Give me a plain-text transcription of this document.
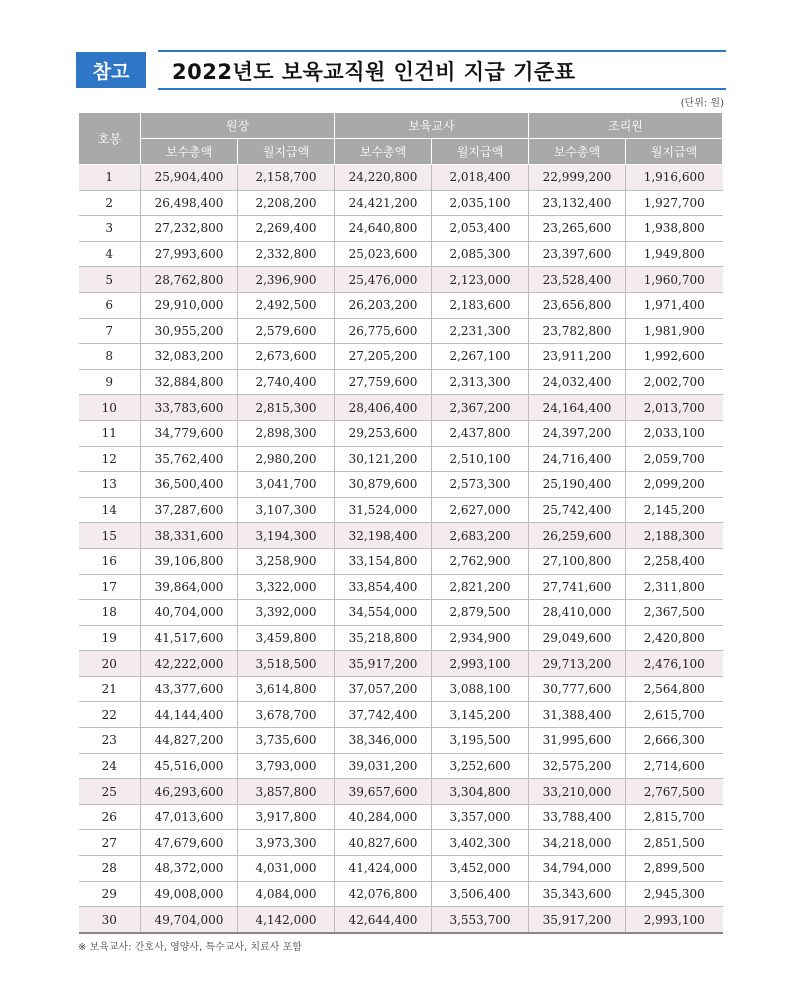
참고	2022년도 보육교직원 인건비 지급 기준표
(단위: 원)
호봉	원장		보육교사		조리원	
	보수총액	월지급액	보수총액	월지급액	보수총액	월지급액
1	25,904,400	2,158,700	24,220,800	2,018,400	22,999,200	1,916,600
2	26,498,400	2,208,200	24,421,200	2,035,100	23,132,400	1,927,700
3	27,232,800	2,269,400	24,640,800	2,053,400	23,265,600	1,938,800
4	27,993,600	2,332,800	25,023,600	2,085,300	23,397,600	1,949,800
5	28,762,800	2,396,900	25,476,000	2,123,000	23,528,400	1,960,700
6	29,910,000	2,492,500	26,203,200	2,183,600	23,656,800	1,971,400
7	30,955,200	2,579,600	26,775,600	2,231,300	23,782,800	1,981,900
8	32,083,200	2,673,600	27,205,200	2,267,100	23,911,200	1,992,600
9	32,884,800	2,740,400	27,759,600	2,313,300	24,032,400	2,002,700
10	33,783,600	2,815,300	28,406,400	2,367,200	24,164,400	2,013,700
11	34,779,600	2,898,300	29,253,600	2,437,800	24,397,200	2,033,100
12	35,762,400	2,980,200	30,121,200	2,510,100	24,716,400	2,059,700
13	36,500,400	3,041,700	30,879,600	2,573,300	25,190,400	2,099,200
14	37,287,600	3,107,300	31,524,000	2,627,000	25,742,400	2,145,200
15	38,331,600	3,194,300	32,198,400	2,683,200	26,259,600	2,188,300
16	39,106,800	3,258,900	33,154,800	2,762,900	27,100,800	2,258,400
17	39,864,000	3,322,000	33,854,400	2,821,200	27,741,600	2,311,800
18	40,704,000	3,392,000	34,554,000	2,879,500	28,410,000	2,367,500
19	41,517,600	3,459,800	35,218,800	2,934,900	29,049,600	2,420,800
20	42,222,000	3,518,500	35,917,200	2,993,100	29,713,200	2,476,100
21	43,377,600	3,614,800	37,057,200	3,088,100	30,777,600	2,564,800
22	44,144,400	3,678,700	37,742,400	3,145,200	31,388,400	2,615,700
23	44,827,200	3,735,600	38,346,000	3,195,500	31,995,600	2,666,300
24	45,516,000	3,793,000	39,031,200	3,252,600	32,575,200	2,714,600
25	46,293,600	3,857,800	39,657,600	3,304,800	33,210,000	2,767,500
26	47,013,600	3,917,800	40,284,000	3,357,000	33,788,400	2,815,700
27	47,679,600	3,973,300	40,827,600	3,402,300	34,218,000	2,851,500
28	48,372,000	4,031,000	41,424,000	3,452,000	34,794,000	2,899,500
29	49,008,000	4,084,000	42,076,800	3,506,400	35,343,600	2,945,300
30	49,704,000	4,142,000	42,644,400	3,553,700	35,917,200	2,993,100
※ 보육교사: 간호사, 영양사, 특수교사, 치료사 포함
